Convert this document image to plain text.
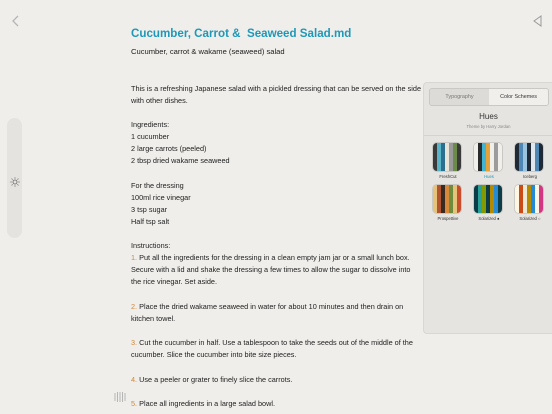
Cucumber, Carrot &  Seaweed Salad.md
Cucumber, carrot & wakame (seaweed) salad
This is a refreshing Japanese salad with a pickled dressing that can be served on the side
with other dishes.
Ingredients:
1 cucumber
2 large carrots (peeled)
2 tbsp dried wakame seaweed
For the dressing
100ml rice vinegar
3 tsp sugar
Half tsp salt
Instructions:
1. Put all the ingredients for the dressing in a clean empty jam jar or a small lunch box.
Secure with a lid and shake the dressing a few times to allow the sugar to dissolve into
the rice vinegar. Set aside.
2. Place the dried wakame seaweed in water for about 10 minutes and then drain on
kitchen towel.
3. Cut the cucumber in half. Use a tablespoon to take the seeds out of the middle of the
cucumber. Slice the cucumber into bite size pieces.
4. Use a peeler or grater to finely slice the carrots.
5. Place all ingredients in a large salad bowl.
Typography	Color Schemes
Hues
Theme by Harry Jordan
FreshCut	Hues	Iceberg
Prospettive	Solarized ●	Solarized ○
